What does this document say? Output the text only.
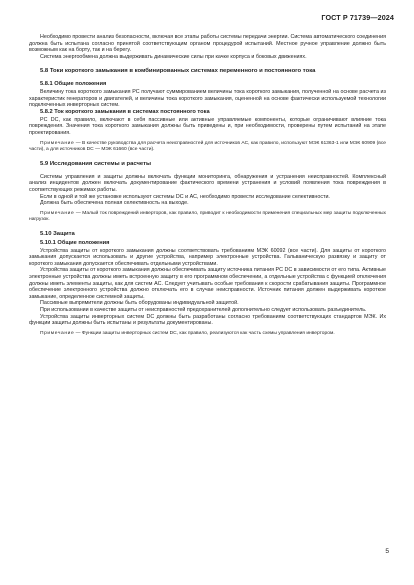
ГОСТ Р 71739—2024

Необходимо провести анализ безопасности, включая все этапы работы системы передачи энергии. Система автоматического соединения должна быть испытана согласно принятой соответствующим органом процедурой испытаний. Местное ручное управление должно быть возможным как на борту, так и на берегу.

Система энергообмена должна выдерживать динамические силы при качке корпуса и боковых движениях.

5.8 Токи короткого замыкания в комбинированных системах переменного и постоянного тока
5.8.1 Общие положения

Величину тока короткого замыкания PC получают суммированием величины тока короткого замыкания, полученной на основе расчета из характеристик генераторов и двигателей, и величины тока короткого замыкания, оцененной на основе фактически используемой технологии подключенных инверторных систем.

5.8.2 Ток короткого замыкания в системах постоянного тока

PC DC, как правило, включают в себя пассивные или активные управляемые компоненты, которые ограничивают влияние тока повреждения. Значения тока короткого замыкания должны быть приведены и, при необходимости, проверены путем испытаний на этапе проектирования.

Примечание — В качестве руководства для расчета неисправностей для источников AC, как правило, используют МЭК 61363-1 или МЭК 60909 (все части), а для источников DC — МЭК 61660 (все части).

5.9 Исследования системы и расчеты

Системы управления и защиты должны включать функции мониторинга, обнаружения и устранения неисправностей. Комплексный анализ инцидентов должен включать документирование фактического времени устранения и условий появления тока повреждения в соответствующих режимах работы.

Если в одной и той же установке используют системы DC и AC, необходимо провести исследование селективности.

Должна быть обеспечена полная селективность на выходе.

Примечание — Малый ток повреждений инверторов, как правило, приводит к необходимости применения специальных мер защиты подключенных нагрузок.

5.10 Защита
5.10.1 Общие положения

Устройства защиты от короткого замыкания должны соответствовать требованиям МЭК 60092 (все части). Для защиты от короткого замыкания допускается использовать и другие устройства, например электронные устройства. Гальваническую развязку и защиту от короткого замыкания допускается обеспечивать отдельными устройствами.

Устройства защиты от короткого замыкания должны обеспечивать защиту источника питания PC DC в зависимости от его типа. Активные электронные устройства должны иметь встроенную защиту в его программном обеспечении, а отдельные устройства с функцией отключения должны иметь элементы защиты, как для систем AC. Следует учитывать особые требования к скорости срабатывания защиты. Программное обеспечение электронного устройства должно отключать его в случае неисправности. Источник питания должен выдерживать короткое замыкание, определенное системной защиты.

Пассивные выпрямители должны быть оборудованы индивидуальной защитой.

При использовании в качестве защиты от неисправностей предохранителей дополнительно следует использовать разъединитель.

Устройства защиты инверторных систем DC должны быть разработаны согласно требованиям соответствующих стандартов МЭК. Их функции защиты должны быть испытаны и результаты документированы.

Примечание — Функции защиты инверторных систем DC, как правило, реализуются как часть схемы управления инвертором.

5
